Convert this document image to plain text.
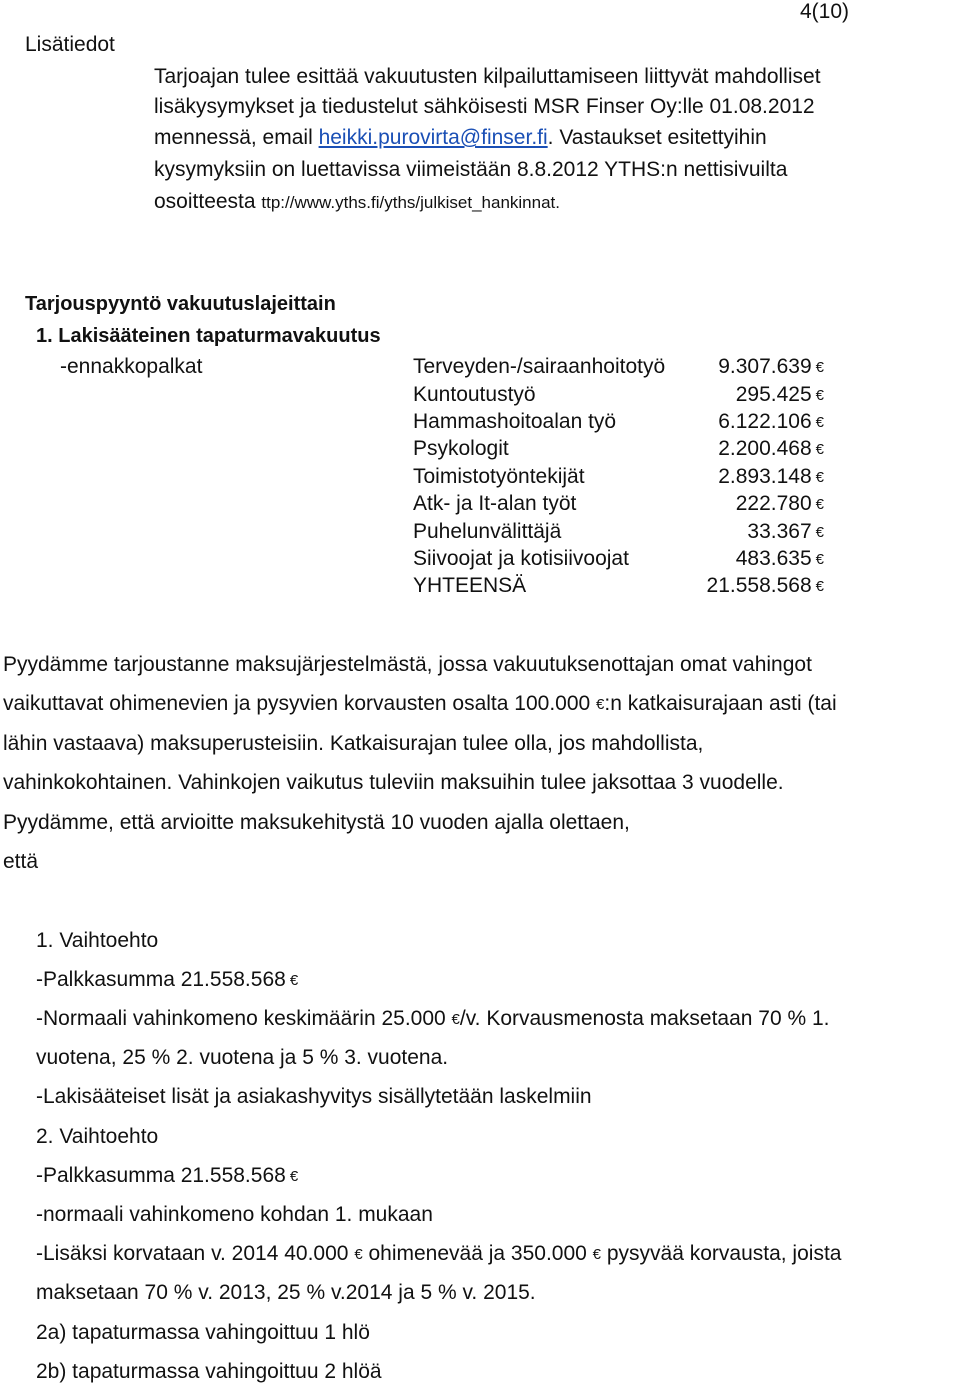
4(10)
Lisätiedot
Tarjoajan tulee esittää vakuutusten kilpailuttamiseen liittyvät mahdolliset
lisäkysymykset ja tiedustelut sähköisesti MSR Finser Oy:lle 01.08.2012
mennessä, email heikki.purovirta@finser.fi. Vastaukset esitettyihin
kysymyksiin on luettavissa viimeistään 8.8.2012 YTHS:n nettisivuilta
osoitteesta ttp://www.yths.fi/yths/julkiset_hankinnat.
Tarjouspyyntö vakuutuslajeittain
1. Lakisääteinen tapaturmavakuutus
-ennakkopalkat	Terveyden-/sairaanhoitotyö	9.307.639 €
Kuntoutustyö	295.425 €
Hammashoitoalan työ	6.122.106 €
Psykologit	2.200.468 €
Toimistotyöntekijät	2.893.148 €
Atk- ja It-alan työt	222.780 €
Puhelunvälittäjä	33.367 €
Siivoojat ja kotisiivoojat	483.635 €
YHTEENSÄ	21.558.568 €
Pyydämme tarjoustanne maksujärjestelmästä, jossa vakuutuksenottajan omat vahingot
vaikuttavat ohimenevien ja pysyvien korvausten osalta 100.000 €:n katkaisurajaan asti (tai
lähin vastaava) maksuperusteisiin. Katkaisurajan tulee olla, jos mahdollista,
vahinkokohtainen. Vahinkojen vaikutus tuleviin maksuihin tulee jaksottaa 3 vuodelle.
Pyydämme, että arvioitte maksukehitystä 10 vuoden ajalla olettaen,
että
1. Vaihtoehto
-Palkkasumma 21.558.568 €
-Normaali vahinkomeno keskimäärin 25.000 €/v. Korvausmenosta maksetaan 70 % 1.
vuotena, 25 % 2. vuotena ja 5 % 3. vuotena.
-Lakisääteiset lisät ja asiakashyvitys sisällytetään laskelmiin
2. Vaihtoehto
-Palkkasumma 21.558.568 €
-normaali vahinkomeno kohdan 1. mukaan
-Lisäksi korvataan v. 2014 40.000 € ohimenevää ja 350.000 € pysyvää korvausta, joista
maksetaan 70 % v. 2013, 25 % v.2014 ja 5 % v. 2015.
2a) tapaturmassa vahingoittuu 1 hlö
2b) tapaturmassa vahingoittuu 2 hlöä
